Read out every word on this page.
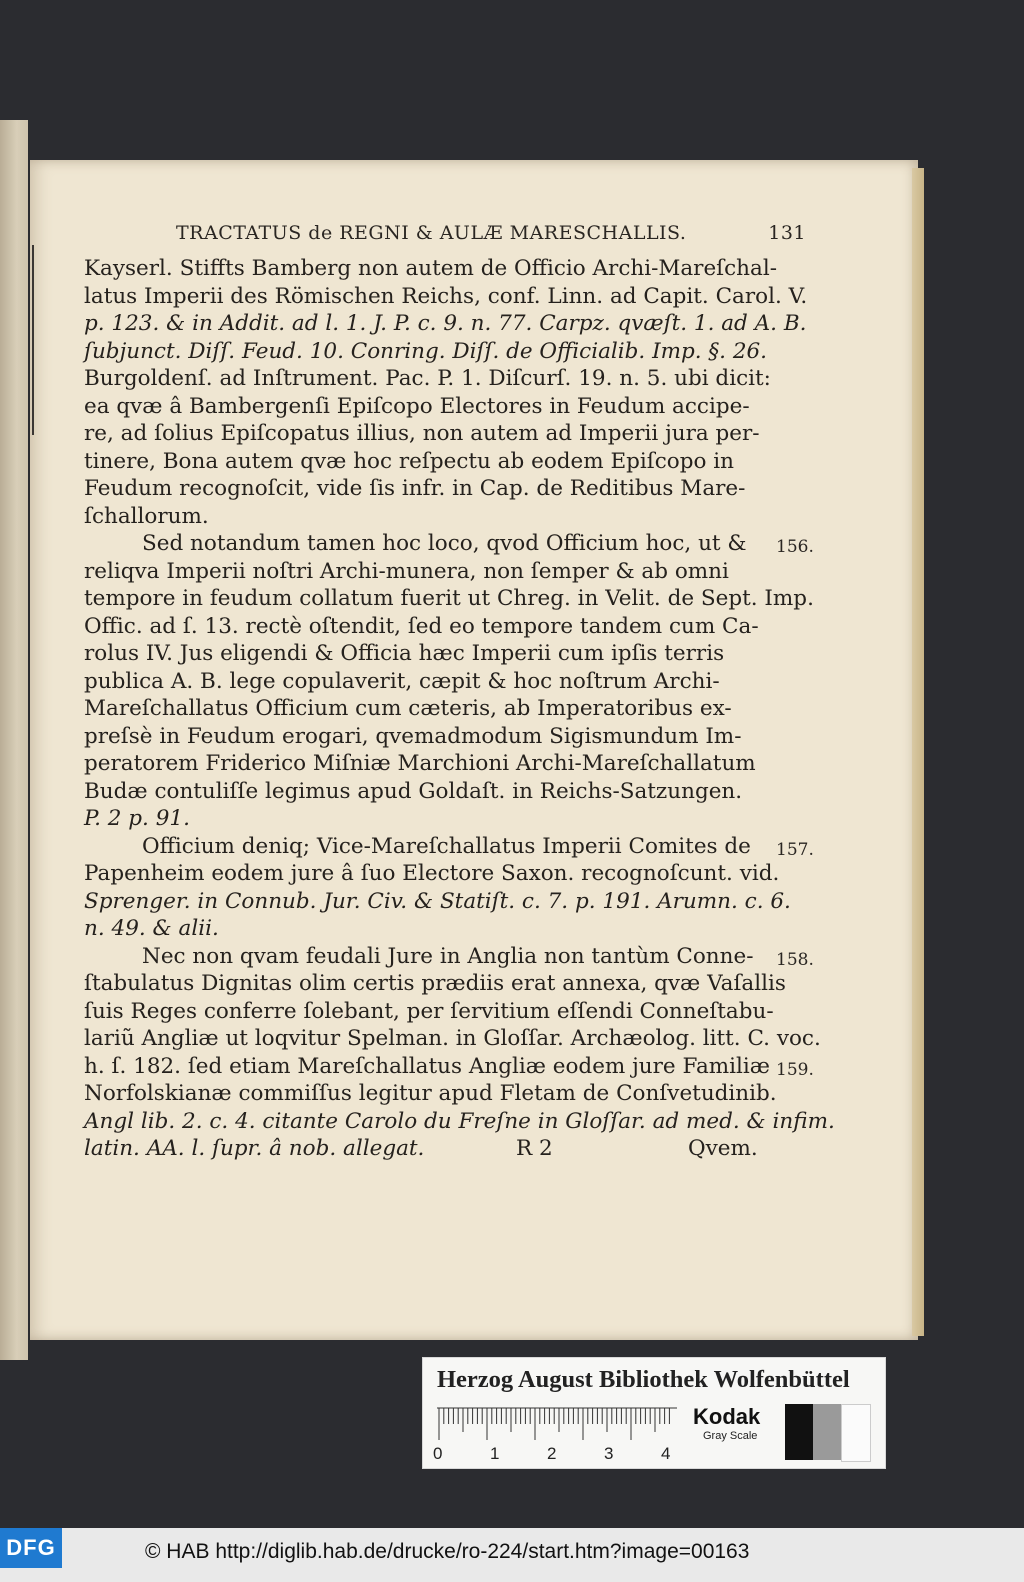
TRACTATUS de REGNI & AULÆ MARESCHALLIS.	131
Kayserl. Stiffts Bamberg non autem de Officio Archi-Mareſchal-
latus Imperii des Römischen Reichs, conf. Linn. ad Capit. Carol. V.
p. 123. & in Addit. ad l. 1. J. P. c. 9. n. 77. Carpz. qvæſt. 1. ad A. B.
ſubjunct. Diſſ. Feud. 10. Conring. Diſſ. de Officialib. Imp. §. 26.
Burgoldenſ. ad Inſtrument. Pac. P. 1. Diſcurſ. 19. n. 5. ubi dicit:
ea qvæ â Bambergenſi Epiſcopo Electores in Feudum accipe-
re, ad ſolius Epiſcopatus illius, non autem ad Imperii jura per-
tinere, Bona autem qvæ hoc reſpectu ab eodem Epiſcopo in
Feudum recognoſcit, vide ſis infr. in Cap. de Reditibus Mare-
ſchallorum.
Sed notandum tamen hoc loco, qvod Officium hoc, ut &	156.
reliqva Imperii noſtri Archi-munera, non ſemper & ab omni
tempore in feudum collatum fuerit ut Chreg. in Velit. de Sept. Imp.
Offic. ad ſ. 13. rectè oſtendit, ſed eo tempore tandem cum Ca-
rolus IV. Jus eligendi & Officia hæc Imperii cum ipſis terris
publica A. B. lege copulaverit, cæpit & hoc noſtrum Archi-
Mareſchallatus Officium cum cæteris, ab Imperatoribus ex-
preſsè in Feudum erogari, qvemadmodum Sigismundum Im-
peratorem Friderico Miſniæ Marchioni Archi-Mareſchallatum
Budæ contuliſſe legimus apud Goldaſt. in Reichs-Satzungen.
P. 2 p. 91.
Officium deniq; Vice-Mareſchallatus Imperii Comites de	157.
Papenheim eodem jure â ſuo Electore Saxon. recognoſcunt. vid.
Sprenger. in Connub. Jur. Civ. & Statiſt. c. 7. p. 191. Arumn. c. 6.
n. 49. & alii.
Nec non qvam feudali Jure in Anglia non tantùm Conne-	158.
ſtabulatus Dignitas olim certis prædiis erat annexa, qvæ Vaſallis
ſuis Reges conferre ſolebant, per ſervitium eſſendi Conneſtabu-
lariũ Angliæ ut loqvitur Spelman. in Gloſſar. Archæolog. litt. C. voc.
h. ſ. 182. ſed etiam Mareſchallatus Angliæ eodem jure Familiæ 159.
Norfolskianæ commiſſus legitur apud Fletam de Conſvetudinib.
Angl lib. 2. c. 4. citante Carolo du Freſne in Gloſſar. ad med. & infim.
latin. AA. l. ſupr. â nob. allegat.	R 2	Qvem.
Herzog August Bibliothek Wolfenbüttel
0	1	2	3	4
Kodak
Gray Scale
DFG	© HAB http://diglib.hab.de/drucke/ro-224/start.htm?image=00163
